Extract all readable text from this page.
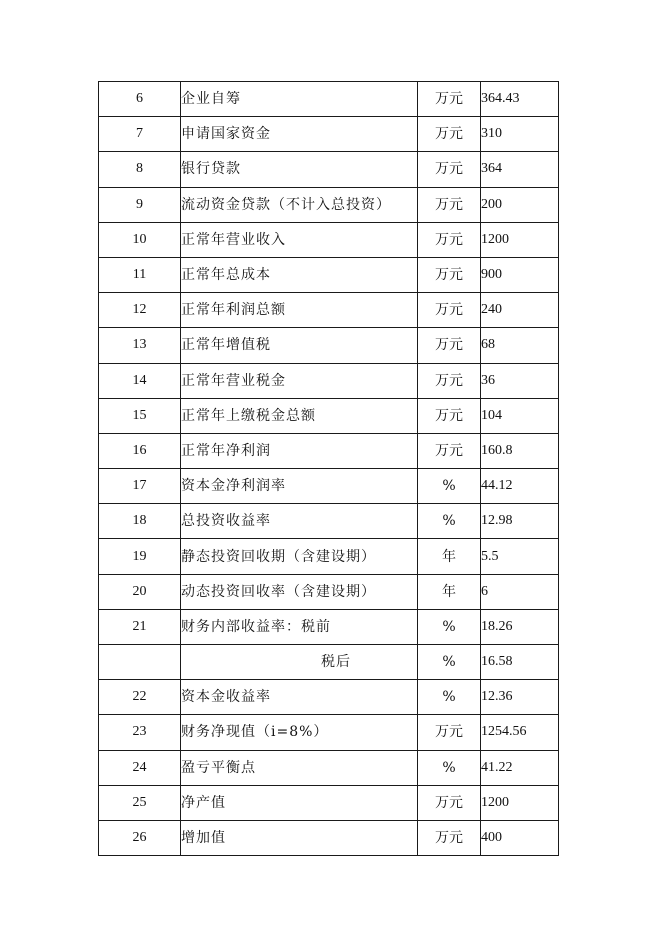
6	企业自筹	万元	364.43
7	申请国家资金	万元	310
8	银行贷款	万元	364
9	流动资金贷款（不计入总投资）	万元	200
10	正常年营业收入	万元	1200
11	正常年总成本	万元	900
12	正常年利润总额	万元	240
13	正常年增值税	万元	68
14	正常年营业税金	万元	36
15	正常年上缴税金总额	万元	104
16	正常年净利润	万元	160.8
17	资本金净利润率	%	44.12
18	总投资收益率	%	12.98
19	静态投资回收期（含建设期）	年	5.5
20	动态投资回收率（含建设期）	年	6
21	财务内部收益率：税前	%	18.26
	税后	%	16.58
22	资本金收益率	%	12.36
23	财务净现值（i=8%）	万元	1254.56
24	盈亏平衡点	%	41.22
25	净产值	万元	1200
26	增加值	万元	400
